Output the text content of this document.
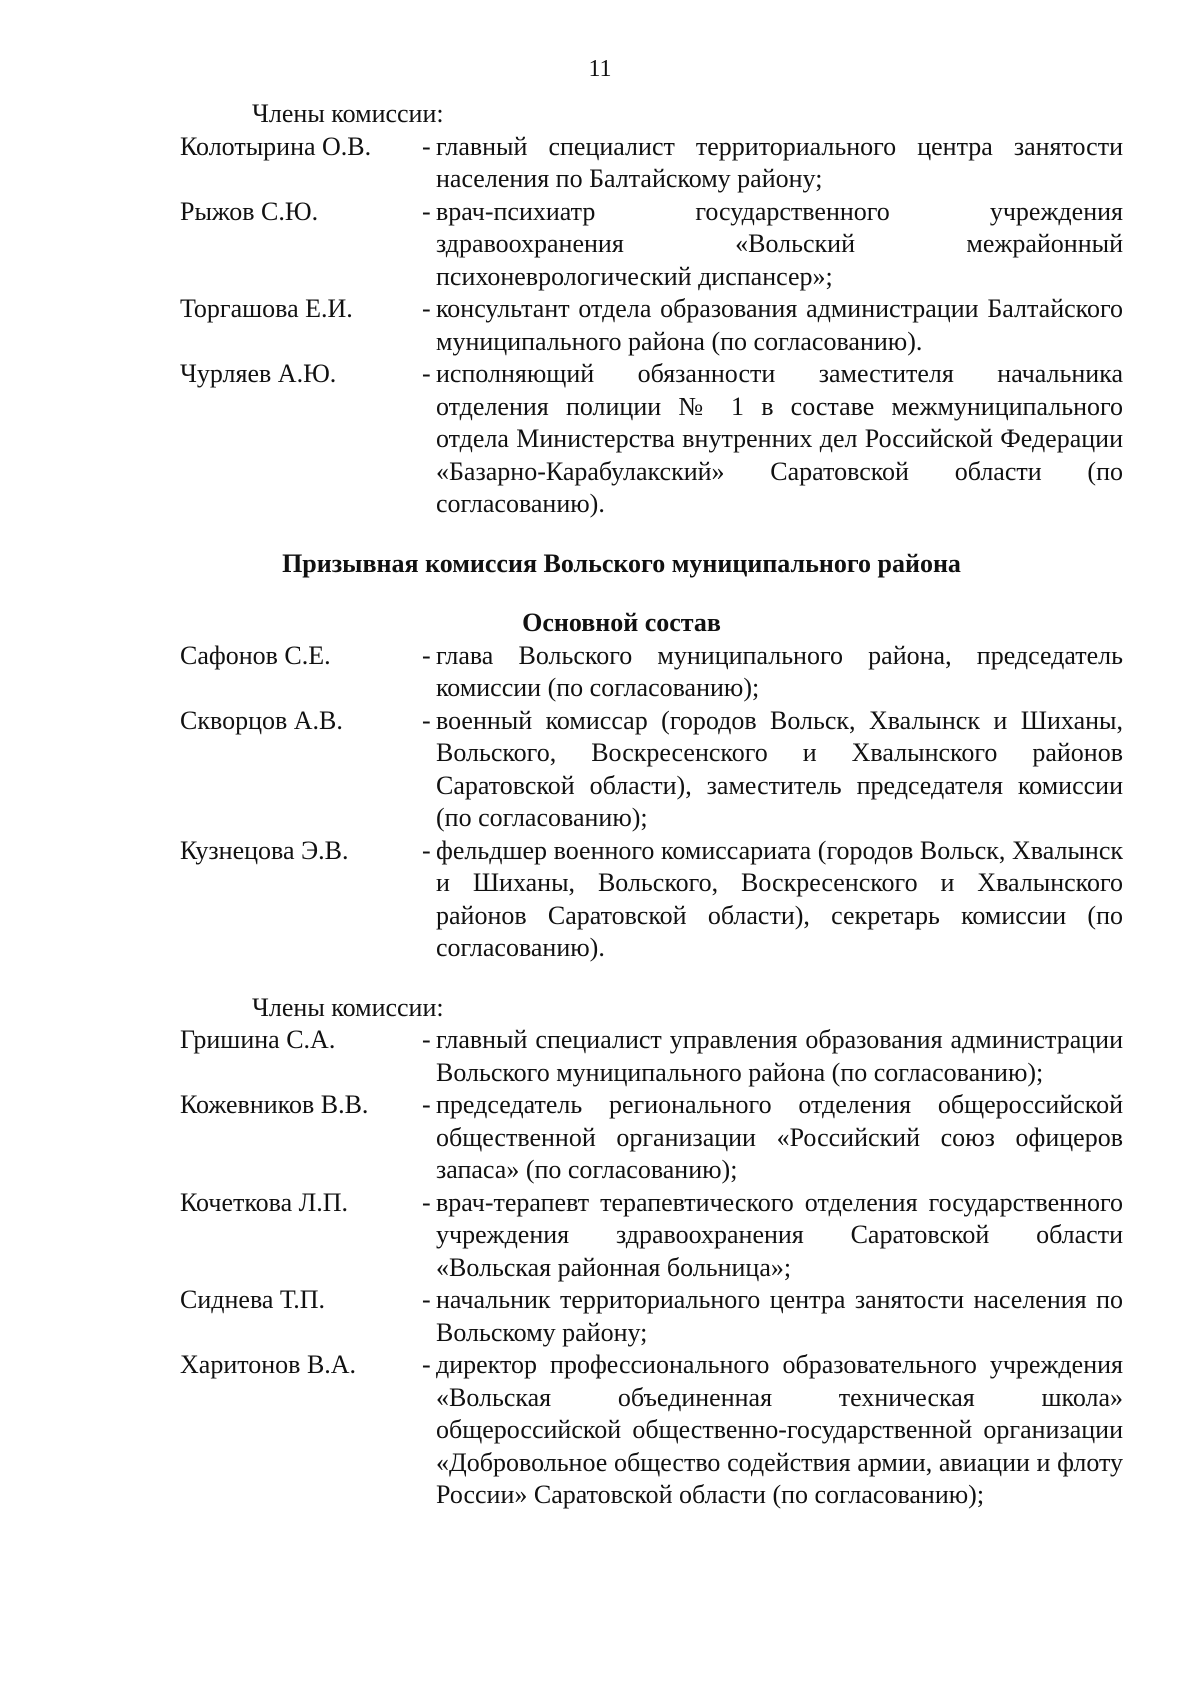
11
Члены комиссии:
Колотырина О.В.	- главный специалист территориального центра занятости населения по Балтайскому району;
Рыжов С.Ю.	- врач-психиатр государственного учреждения здравоохранения «Вольский межрайонный психоневрологический диспансер»;
Торгашова Е.И.	- консультант отдела образования администрации Балтайского муниципального района (по согласованию).
Чурляев А.Ю.	- исполняющий обязанности заместителя начальника отделения полиции № 1 в составе межмуниципального отдела Министерства внутренних дел Российской Федерации «Базарно-Карабулакский» Саратовской области (по согласованию).
Призывная комиссия Вольского муниципального района
Основной состав
Сафонов С.Е.	- глава Вольского муниципального района, председатель комиссии (по согласованию);
Скворцов А.В.	- военный комиссар (городов Вольск, Хвалынск и Шиханы, Вольского, Воскресенского и Хвалынского районов Саратовской области), заместитель председателя комиссии (по согласованию);
Кузнецова Э.В.	- фельдшер военного комиссариата (городов Вольск, Хвалынск и Шиханы, Вольского, Воскресенского и Хвалынского районов Саратовской области), секретарь комиссии (по согласованию).
Члены комиссии:
Гришина С.А.	- главный специалист управления образования администрации Вольского муниципального района (по согласованию);
Кожевников В.В.	- председатель регионального отделения общероссийской общественной организации «Российский союз офицеров запаса» (по согласованию);
Кочеткова Л.П.	- врач-терапевт терапевтического отделения государственного учреждения здравоохранения Саратовской области «Вольская районная больница»;
Сиднева Т.П.	- начальник территориального центра занятости населения по Вольскому району;
Харитонов В.А.	- директор профессионального образовательного учреждения «Вольская объединенная техническая школа» общероссийской общественно-государственной организации «Добровольное общество содействия армии, авиации и флоту России» Саратовской области (по согласованию);
